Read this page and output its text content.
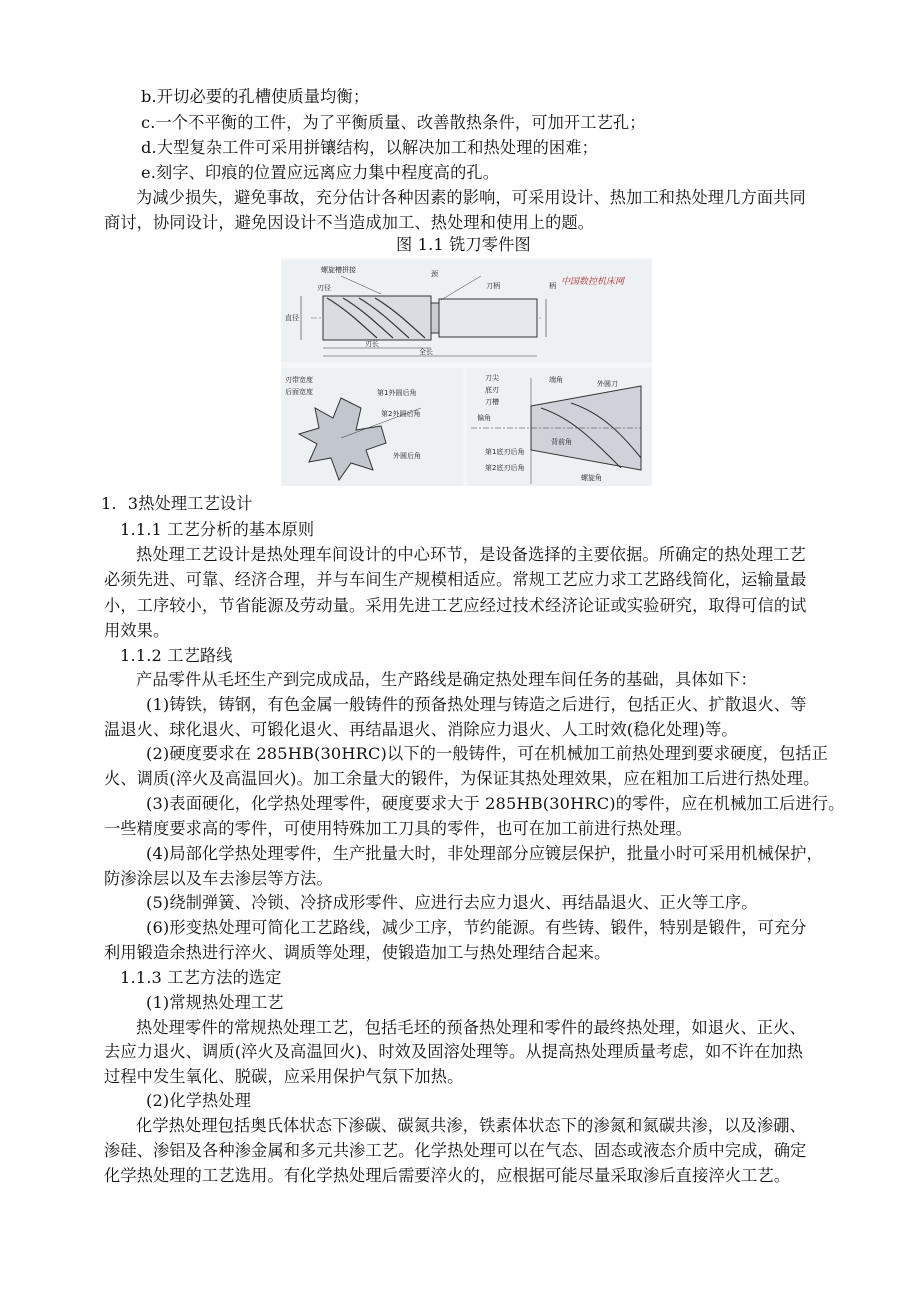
b.开切必要的孔槽使质量均衡；
c.一个不平衡的工件，为了平衡质量、改善散热条件，可加开工艺孔；
d.大型复杂工件可采用拼镶结构，以解决加工和热处理的困难；
e.刻字、印痕的位置应远离应力集中程度高的孔。
为减少损失，避免事故，充分估计各种因素的影响，可采用设计、热加工和热处理几方面共同
商讨，协同设计，避免因设计不当造成加工、热处理和使用上的题。
图 1.1 铣刀零件图
螺旋槽拼接
刃径
颈
刀柄
刃长
全长
柄
直径
中国数控机床网
刃带宽度
后面宽度	第1外圆后角
第2外圆后角
外圆后角
刀尖
底刃
刀槽
偏角
端角	外圆刀
第1底刃后角
第2底刃后角
背前角
螺旋角
1．3热处理工艺设计
1.1.1 工艺分析的基本原则
热处理工艺设计是热处理车间设计的中心环节，是设备选择的主要依据。所确定的热处理工艺
必须先进、可靠、经济合理，并与车间生产规模相适应。常规工艺应力求工艺路线简化，运输量最
小，工序较小，节省能源及劳动量。采用先进工艺应经过技术经济论证或实验研究，取得可信的试
用效果。
1.1.2 工艺路线
产品零件从毛坯生产到完成成品，生产路线是确定热处理车间任务的基础，具体如下：
(1)铸铁，铸钢，有色金属一般铸件的预备热处理与铸造之后进行，包括正火、扩散退火、等
温退火、球化退火、可锻化退火、再结晶退火、消除应力退火、人工时效(稳化处理)等。
(2)硬度要求在 285HB(30HRC)以下的一般铸件，可在机械加工前热处理到要求硬度，包括正
火、调质(淬火及高温回火)。加工余量大的锻件，为保证其热处理效果，应在粗加工后进行热处理。
(3)表面硬化，化学热处理零件，硬度要求大于 285HB(30HRC)的零件，应在机械加工后进行。
一些精度要求高的零件，可使用特殊加工刀具的零件，也可在加工前进行热处理。
(4)局部化学热处理零件，生产批量大时，非处理部分应镀层保护，批量小时可采用机械保护，
防渗涂层以及车去渗层等方法。
(5)绕制弹簧、冷锁、冷挤成形零件、应进行去应力退火、再结晶退火、正火等工序。
(6)形变热处理可简化工艺路线，减少工序，节约能源。有些铸、锻件，特别是锻件，可充分
利用锻造余热进行淬火、调质等处理，使锻造加工与热处理结合起来。
1.1.3 工艺方法的选定
(1)常规热处理工艺
热处理零件的常规热处理工艺，包括毛坯的预备热处理和零件的最终热处理，如退火、正火、
去应力退火、调质(淬火及高温回火)、时效及固溶处理等。从提高热处理质量考虑，如不许在加热
过程中发生氧化、脱碳，应采用保护气氛下加热。
(2)化学热处理
化学热处理包括奥氏体状态下渗碳、碳氮共渗，铁素体状态下的渗氮和氮碳共渗，以及渗硼、
渗硅、渗铝及各种渗金属和多元共渗工艺。化学热处理可以在气态、固态或液态介质中完成，确定
化学热处理的工艺选用。有化学热处理后需要淬火的，应根据可能尽量采取渗后直接淬火工艺。
